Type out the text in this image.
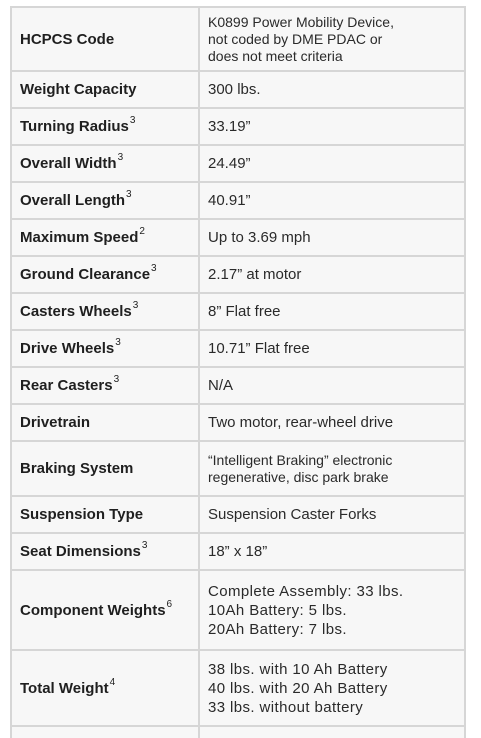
HCPCS Code	K0899 Power Mobility Device,
not coded by DME PDAC or
does not meet criteria

Weight Capacity	300 lbs.

Turning Radius$^3$	33.19”

Overall Width$^3$	24.49”

Overall Length$^3$	40.91”

Maximum Speed$^2$	Up to 3.69 mph

Ground Clearance$^3$	2.17” at motor

Casters Wheels$^3$	8” Flat free

Drive Wheels$^3$	10.71” Flat free

Rear Casters$^3$	N/A

Drivetrain	Two motor, rear-wheel drive

Braking System	“Intelligent Braking” electronic
regenerative, disc park brake

Suspension Type	Suspension Caster Forks

Seat Dimensions$^3$	18” x 18”

Component Weights$^6$	Complete Assembly: 33 lbs.
10Ah Battery: 5 lbs.
20Ah Battery: 7 lbs.

Total Weight$^4$	38 lbs. with 10 Ah Battery
40 lbs. with 20 Ah Battery
33 lbs. without battery
